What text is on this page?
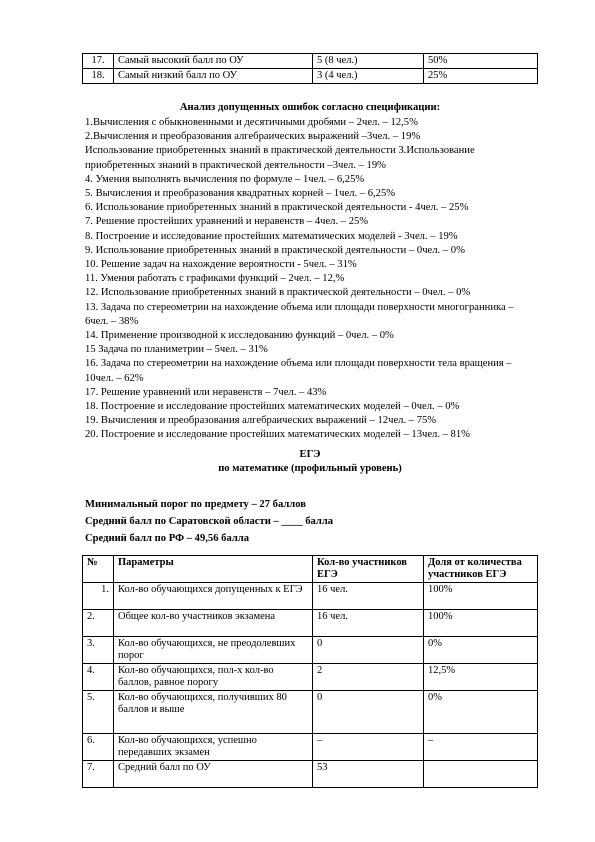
17.	Самый высокий балл по ОУ	5 (8 чел.)	50%
18.	Самый низкий балл по ОУ	3 (4 чел.)	25%
Анализ допущенных ошибок согласно спецификации:
1.Вычисления с обыкновенными и десятичными дробями – 2чел. – 12,5%
2.Вычисления и преобразования алгебраических выражений –3чел. – 19%
Использование приобретенных знаний в практической деятельности 3.Использование приобретенных знаний в практической деятельности –3чел. – 19%
4. Умения выполнять вычисления по формуле – 1чел. – 6,25%
5. Вычисления и преобразования квадратных корней – 1чел. – 6,25%
6. Использование приобретенных знаний в практической деятельности - 4чел. – 25%
7. Решение простейших уравнений и неравенств – 4чел. – 25%
8. Построение и исследование простейших математических моделей - 3чел. – 19%
9. Использование приобретенных знаний в практической деятельности – 0чел. – 0%
10. Решение задач на нахождение вероятности - 5чел. – 31%
11. Умения работать с графиками функций – 2чел. – 12,%
12. Использование приобретенных знаний в практической деятельности – 0чел. – 0%
13. Задача по стереометрии на нахождение объема или площади поверхности многогранника – 6чел. – 38%
14. Применение производной к исследованию функций – 0чел. – 0%
15 Задача по планиметрии – 5чел. – 31%
16. Задача по стереометрии на нахождение объема или площади поверхности тела вращения – 10чел. – 62%
17. Решение уравнений или неравенств – 7чел. – 43%
18. Построение и исследование простейших математических моделей – 0чел. – 0%
19. Вычисления и преобразования алгебраических выражений – 12чел. – 75%
20. Построение и исследование простейших математических моделей – 13чел. – 81%
ЕГЭ
по математике (профильный уровень)
Минимальный порог по предмету – 27 баллов
Средний балл по Саратовской области – ____ балла
Средний балл по РФ – 49,56 балла
№	Параметры	Кол-во участников ЕГЭ	Доля от количества участников ЕГЭ
1.	Кол-во обучающихся допущенных к ЕГЭ	16 чел.	100%
2.	Общее кол-во участников экзамена	16 чел.	100%
3.	Кол-во обучающихся, не преодолевших порог	0	0%
4.	Кол-во обучающихся, пол-х кол-во баллов, равное порогу	2	12,5%
5.	Кол-во обучающихся, получивших 80 баллов и выше	0	0%
6.	Кол-во обучающихся, успешно передавших экзамен	–	–
7.	Средний балл по ОУ	53	
